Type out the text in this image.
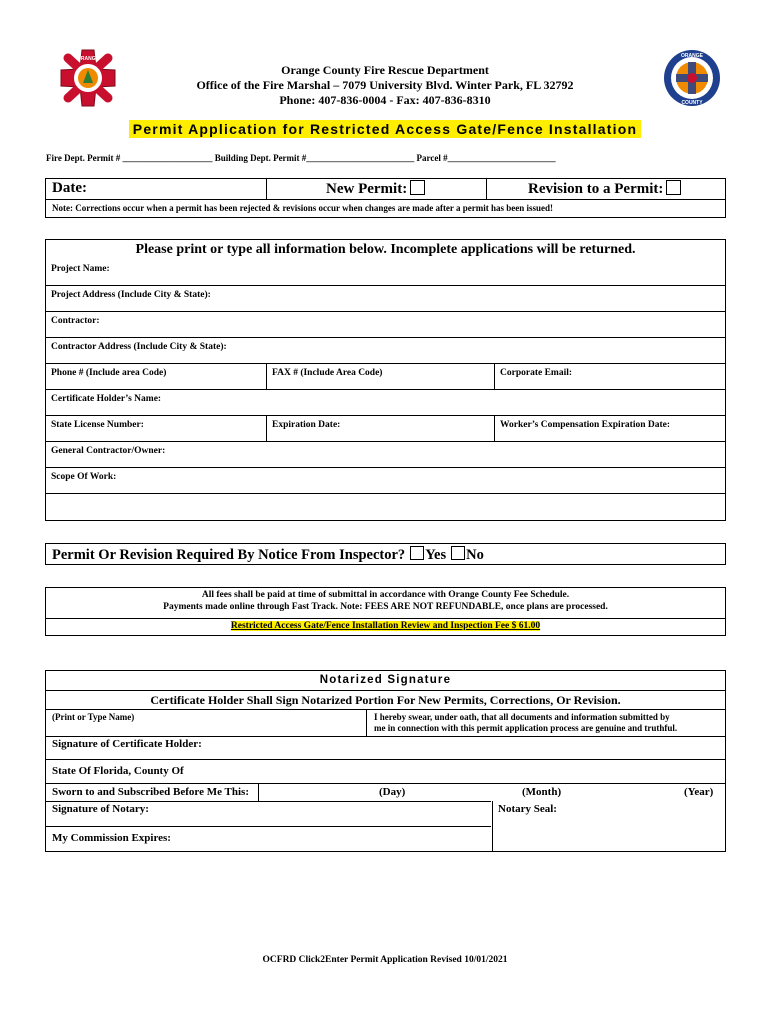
ORANGE	ORANGE
COUNTY
Orange County Fire Rescue Department
Office of the Fire Marshal – 7079 University Blvd. Winter Park, FL 32792
Phone: 407-836-0004 - Fax: 407-836-8310
Permit Application for Restricted Access Gate/Fence Installation
Fire Dept. Permit # ____________________ Building Dept. Permit #________________________ Parcel #________________________
Date:	New Permit:	Revision to a Permit:
Note: Corrections occur when a permit has been rejected & revisions occur when changes are made after a permit has been issued!
Please print or type all information below. Incomplete applications will be returned.
Project Name:
Project Address (Include City & State):
Contractor:
Contractor Address (Include City & State):
Phone # (Include area Code)	FAX # (Include Area Code)	Corporate Email:
Certificate Holder’s Name:
State License Number:	Expiration Date:	Worker’s Compensation Expiration Date:
General Contractor/Owner:
Scope Of Work:
Permit Or Revision Required By Notice From Inspector? Yes No
All fees shall be paid at time of submittal in accordance with Orange County Fee Schedule.
Payments made online through Fast Track. Note: FEES ARE NOT REFUNDABLE, once plans are processed.
Restricted Access Gate/Fence Installation Review and Inspection Fee $ 61.00
Notarized Signature
Certificate Holder Shall Sign Notarized Portion For New Permits, Corrections, Or Revision.
(Print or Type Name)	I hereby swear, under oath, that all documents and information submitted by
me in connection with this permit application process are genuine and truthful.
Signature of Certificate Holder:
State Of Florida, County Of
Sworn to and Subscribed Before Me This:	(Day)	(Month)	(Year)
Signature of Notary:	Notary Seal:
My Commission Expires:
OCFRD Click2Enter Permit Application Revised 10/01/2021
